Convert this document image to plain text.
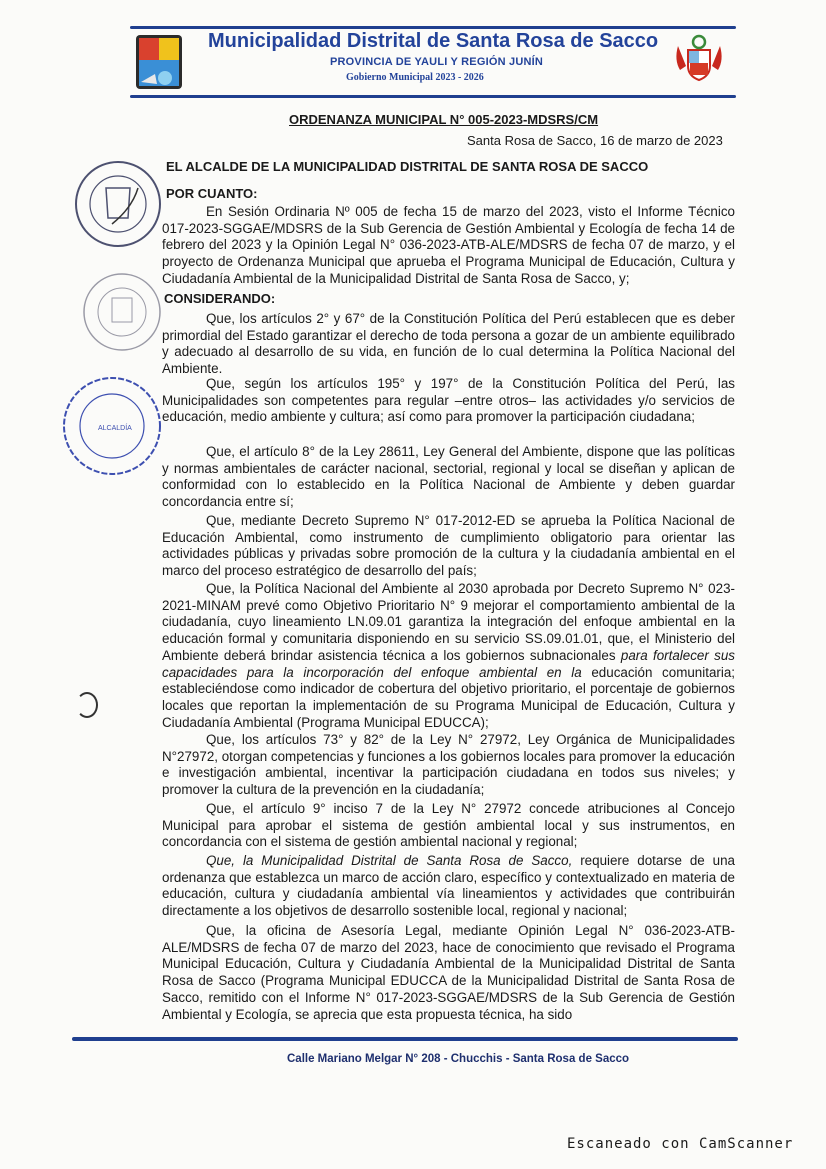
Municipalidad Distrital de Santa Rosa de Sacco
PROVINCIA DE YAULI Y REGIÓN JUNÍN
Gobierno Municipal 2023 - 2026
ALCALDÍA
ORDENANZA MUNICIPAL N° 005-2023-MDSRS/CM
Santa Rosa de Sacco, 16 de marzo de 2023
EL ALCALDE DE LA MUNICIPALIDAD DISTRITAL DE SANTA ROSA DE SACCO
POR CUANTO:

En Sesión Ordinaria Nº 005 de fecha 15 de marzo del 2023, visto el Informe Técnico 017-2023-SGGAE/MDSRS de la Sub Gerencia de Gestión Ambiental y Ecología de fecha 14 de febrero del 2023 y la Opinión Legal N° 036-2023-ATB-ALE/MDSRS de fecha 07 de marzo, y el proyecto de Ordenanza Municipal que aprueba el Programa Municipal de Educación, Cultura y Ciudadanía Ambiental de la Municipalidad Distrital de Santa Rosa de Sacco, y;

CONSIDERANDO:

Que, los artículos 2° y 67° de la Constitución Política del Perú establecen que es deber primordial del Estado garantizar el derecho de toda persona a gozar de un ambiente equilibrado y adecuado al desarrollo de su vida, en función de lo cual determina la Política Nacional del Ambiente.

Que, según los artículos 195° y 197° de la Constitución Política del Perú, las Municipalidades son competentes para regular –entre otros– las actividades y/o servicios de educación, medio ambiente y cultura; así como para promover la participación ciudadana;

Que, el artículo 8° de la Ley 28611, Ley General del Ambiente, dispone que las políticas y normas ambientales de carácter nacional, sectorial, regional y local se diseñan y aplican de conformidad con lo establecido en la Política Nacional de Ambiente y deben guardar concordancia entre sí;

Que, mediante Decreto Supremo N° 017-2012-ED se aprueba la Política Nacional de Educación Ambiental, como instrumento de cumplimiento obligatorio para orientar las actividades públicas y privadas sobre promoción de la cultura y la ciudadanía ambiental en el marco del proceso estratégico de desarrollo del país;

Que, la Política Nacional del Ambiente al 2030 aprobada por Decreto Supremo N° 023-2021-MINAM prevé como Objetivo Prioritario N° 9 mejorar el comportamiento ambiental de la ciudadanía, cuyo lineamiento LN.09.01 garantiza la integración del enfoque ambiental en la educación formal y comunitaria disponiendo en su servicio SS.09.01.01, que, el Ministerio del Ambiente deberá brindar asistencia técnica a los gobiernos subnacionales para fortalecer sus capacidades para la incorporación del enfoque ambiental en la educación comunitaria; estableciéndose como indicador de cobertura del objetivo prioritario, el porcentaje de gobiernos locales que reportan la implementación de su Programa Municipal de Educación, Cultura y Ciudadanía Ambiental (Programa Municipal EDUCCA);

Que, los artículos 73° y 82° de la Ley N° 27972, Ley Orgánica de Municipalidades N°27972, otorgan competencias y funciones a los gobiernos locales para promover la educación e investigación ambiental, incentivar la participación ciudadana en todos sus niveles; y promover la cultura de la prevención en la ciudadanía;

Que, el artículo 9° inciso 7 de la Ley N° 27972 concede atribuciones al Concejo Municipal para aprobar el sistema de gestión ambiental local y sus instrumentos, en concordancia con el sistema de gestión ambiental nacional y regional;

Que, la Municipalidad Distrital de Santa Rosa de Sacco, requiere dotarse de una ordenanza que establezca un marco de acción claro, específico y contextualizado en materia de educación, cultura y ciudadanía ambiental vía lineamientos y actividades que contribuirán directamente a los objetivos de desarrollo sostenible local, regional y nacional;

Que, la oficina de Asesoría Legal, mediante Opinión Legal N° 036-2023-ATB-ALE/MDSRS de fecha 07 de marzo del 2023, hace de conocimiento que revisado el Programa Municipal Educación, Cultura y Ciudadanía Ambiental de la Municipalidad Distrital de Santa Rosa de Sacco (Programa Municipal EDUCCA de la Municipalidad Distrital de Santa Rosa de Sacco, remitido con el Informe N° 017-2023-SGGAE/MDSRS de la Sub Gerencia de Gestión Ambiental y Ecología, se aprecia que esta propuesta técnica, ha sido

Calle Mariano Melgar N° 208 - Chucchis - Santa Rosa de Sacco
Escaneado con CamScanner
